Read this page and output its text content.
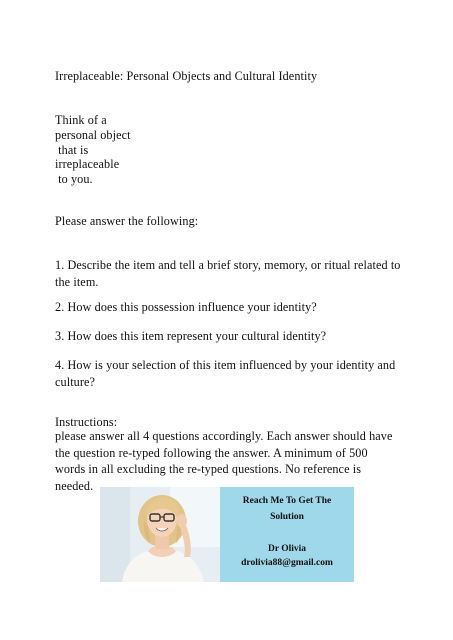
Irreplaceable: Personal Objects and Cultural Identity
Think of a
personal object
that is
irreplaceable
to you.
Please answer the following:
1. Describe the item and tell a brief story, memory, or ritual related to the item.
2. How does this possession influence your identity?
3. How does this item represent your cultural identity?
4. How is your selection of this item influenced by your identity and culture?
Instructions:
please answer all 4 questions accordingly. Each answer should have the question re-typed following the answer. A minimum of 500 words in all excluding the re-typed questions. No reference is needed.
Reach Me To Get The
Solution
Dr Olivia
drolivia88@gmail.com
